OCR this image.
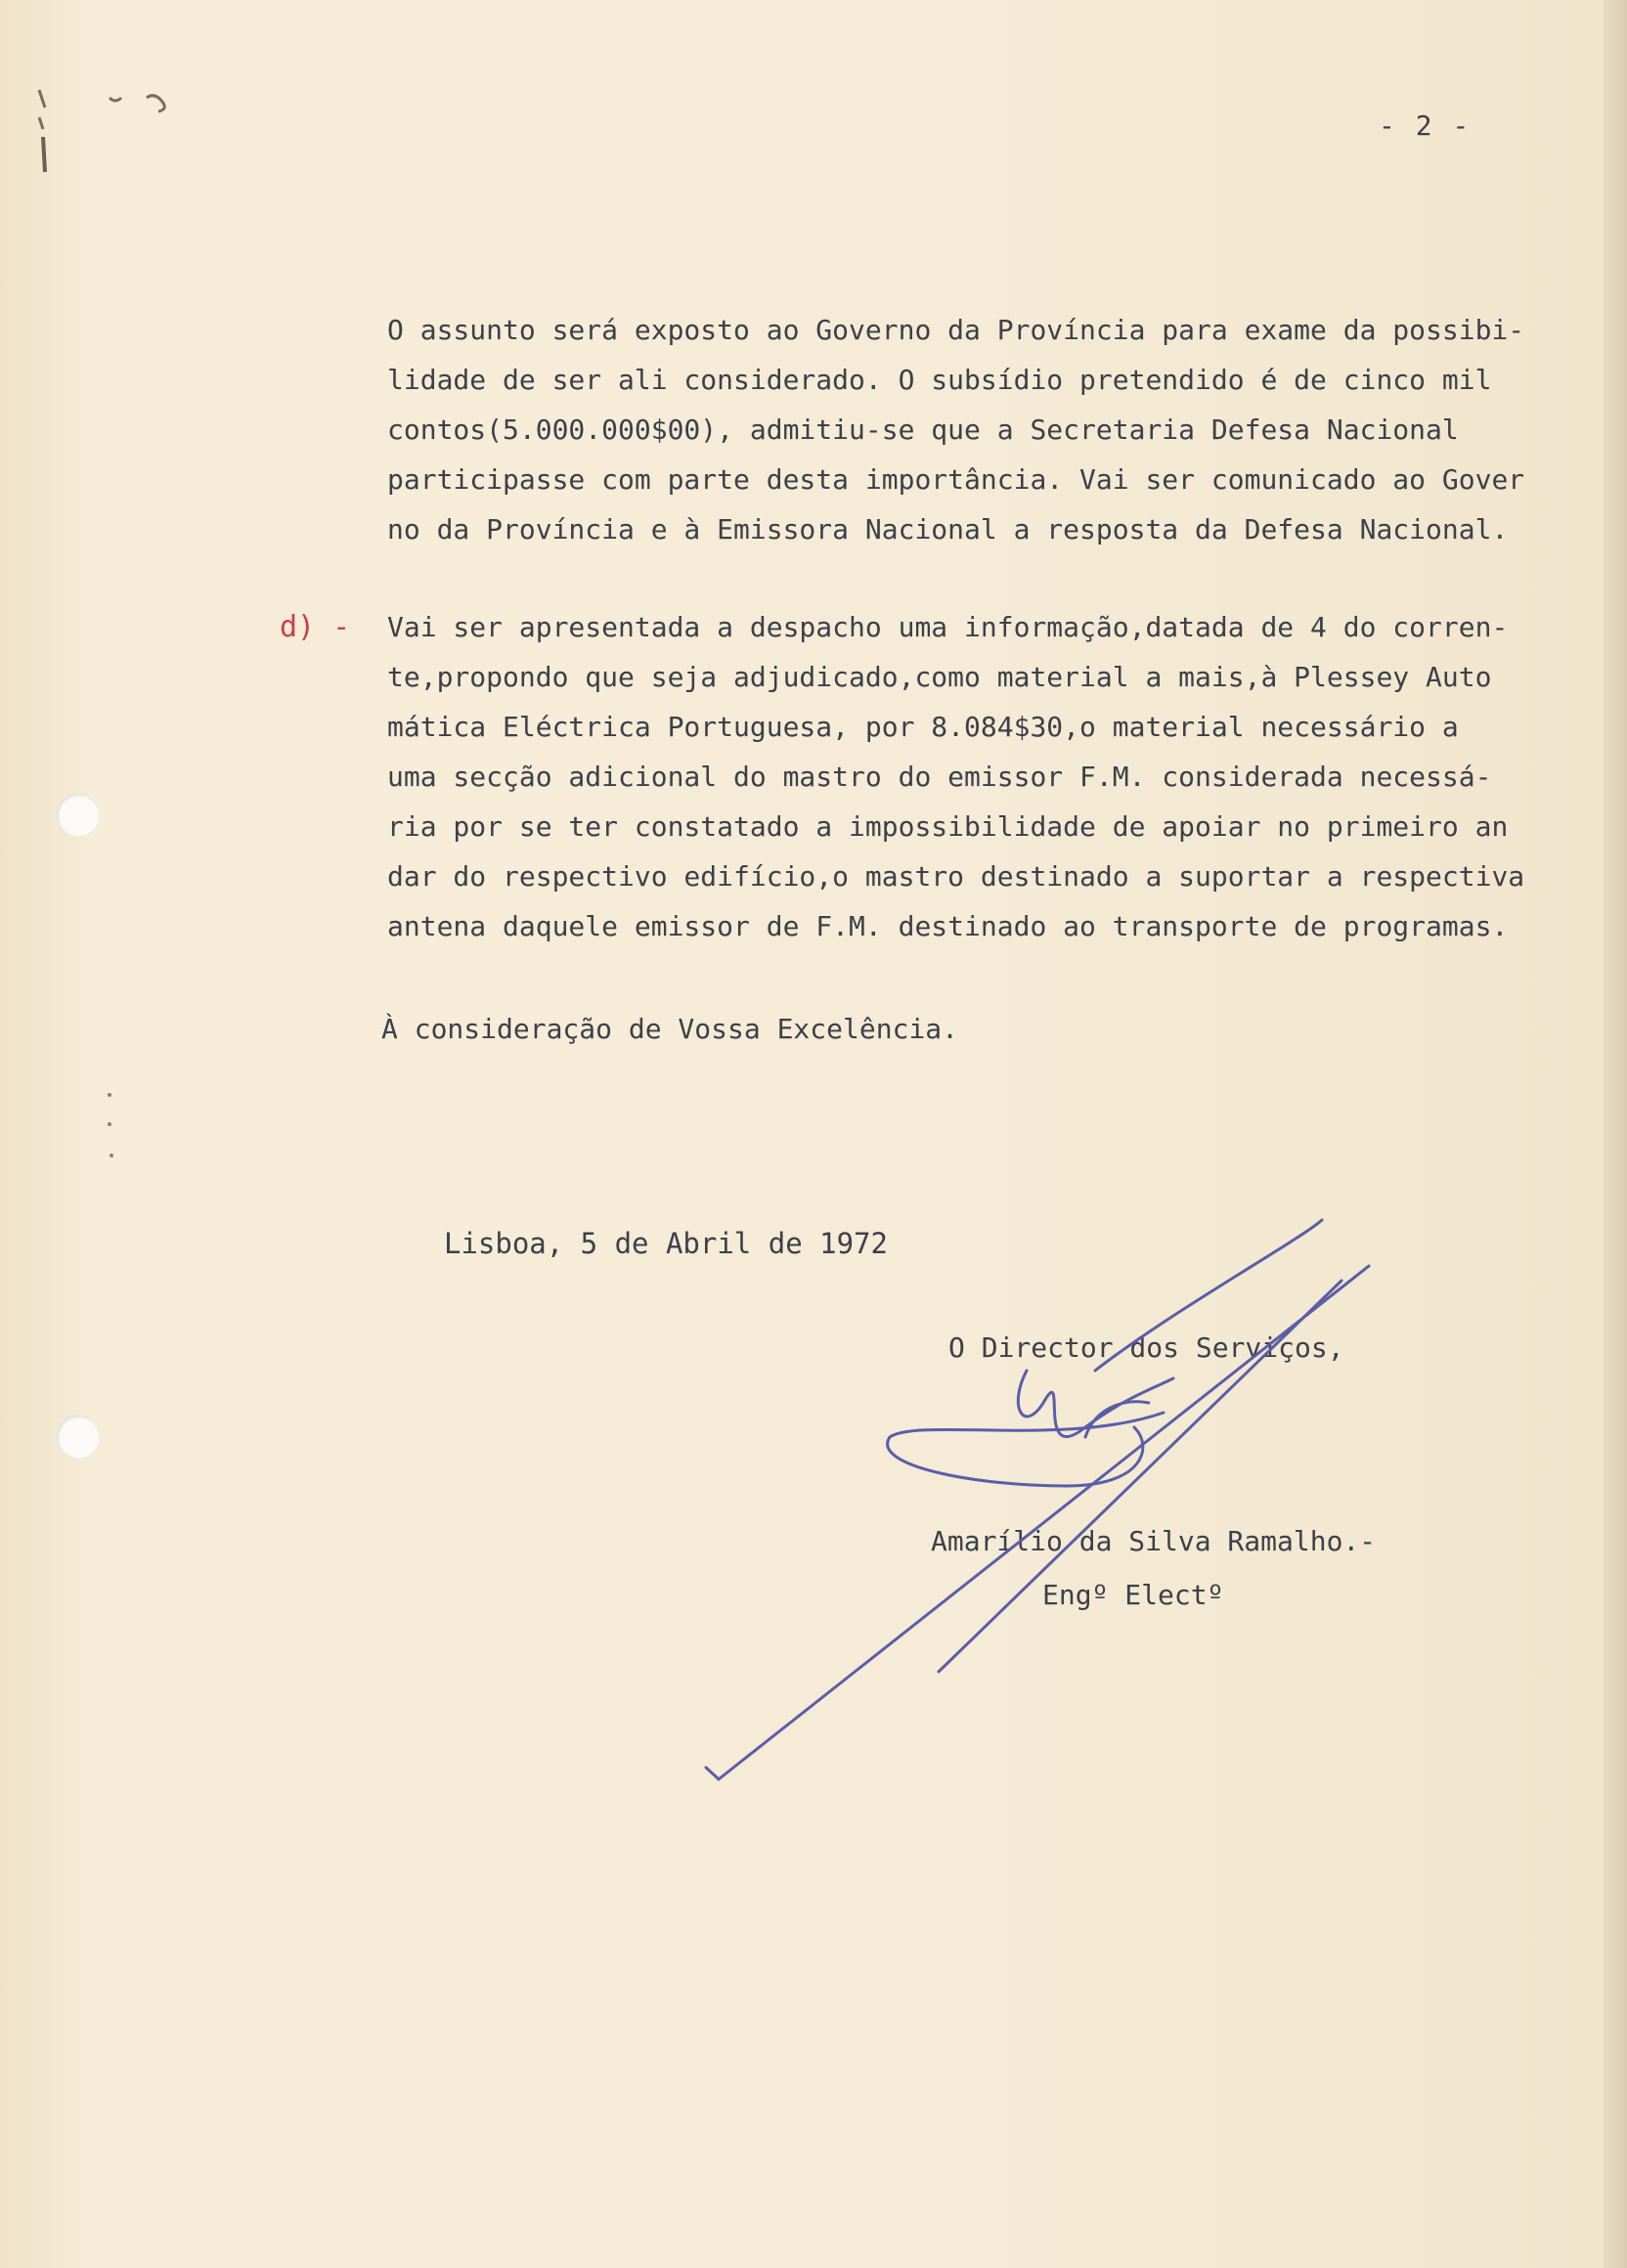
- 2 -
O assunto será exposto ao Governo da Província para exame da possibi-
lidade de ser ali considerado. O subsídio pretendido é de cinco mil
contos(5.000.000$00), admitiu-se que a Secretaria Defesa Nacional
participasse com parte desta importância. Vai ser comunicado ao Gover
no da Província e à Emissora Nacional a resposta da Defesa Nacional.
d) - Vai ser apresentada a despacho uma informação,datada de 4 do corren-
te,propondo que seja adjudicado,como material a mais,à Plessey Auto
mática Eléctrica Portuguesa, por 8.084$30,o material necessário a
uma secção adicional do mastro do emissor F.M. considerada necessá-
ria por se ter constatado a impossibilidade de apoiar no primeiro an
dar do respectivo edifício,o mastro destinado a suportar a respectiva
antena daquele emissor de F.M. destinado ao transporte de programas.
À consideração de Vossa Excelência.
Lisboa, 5 de Abril de 1972
O Director dos Serviços,
Amarílio da Silva Ramalho.-
Engº Electº
